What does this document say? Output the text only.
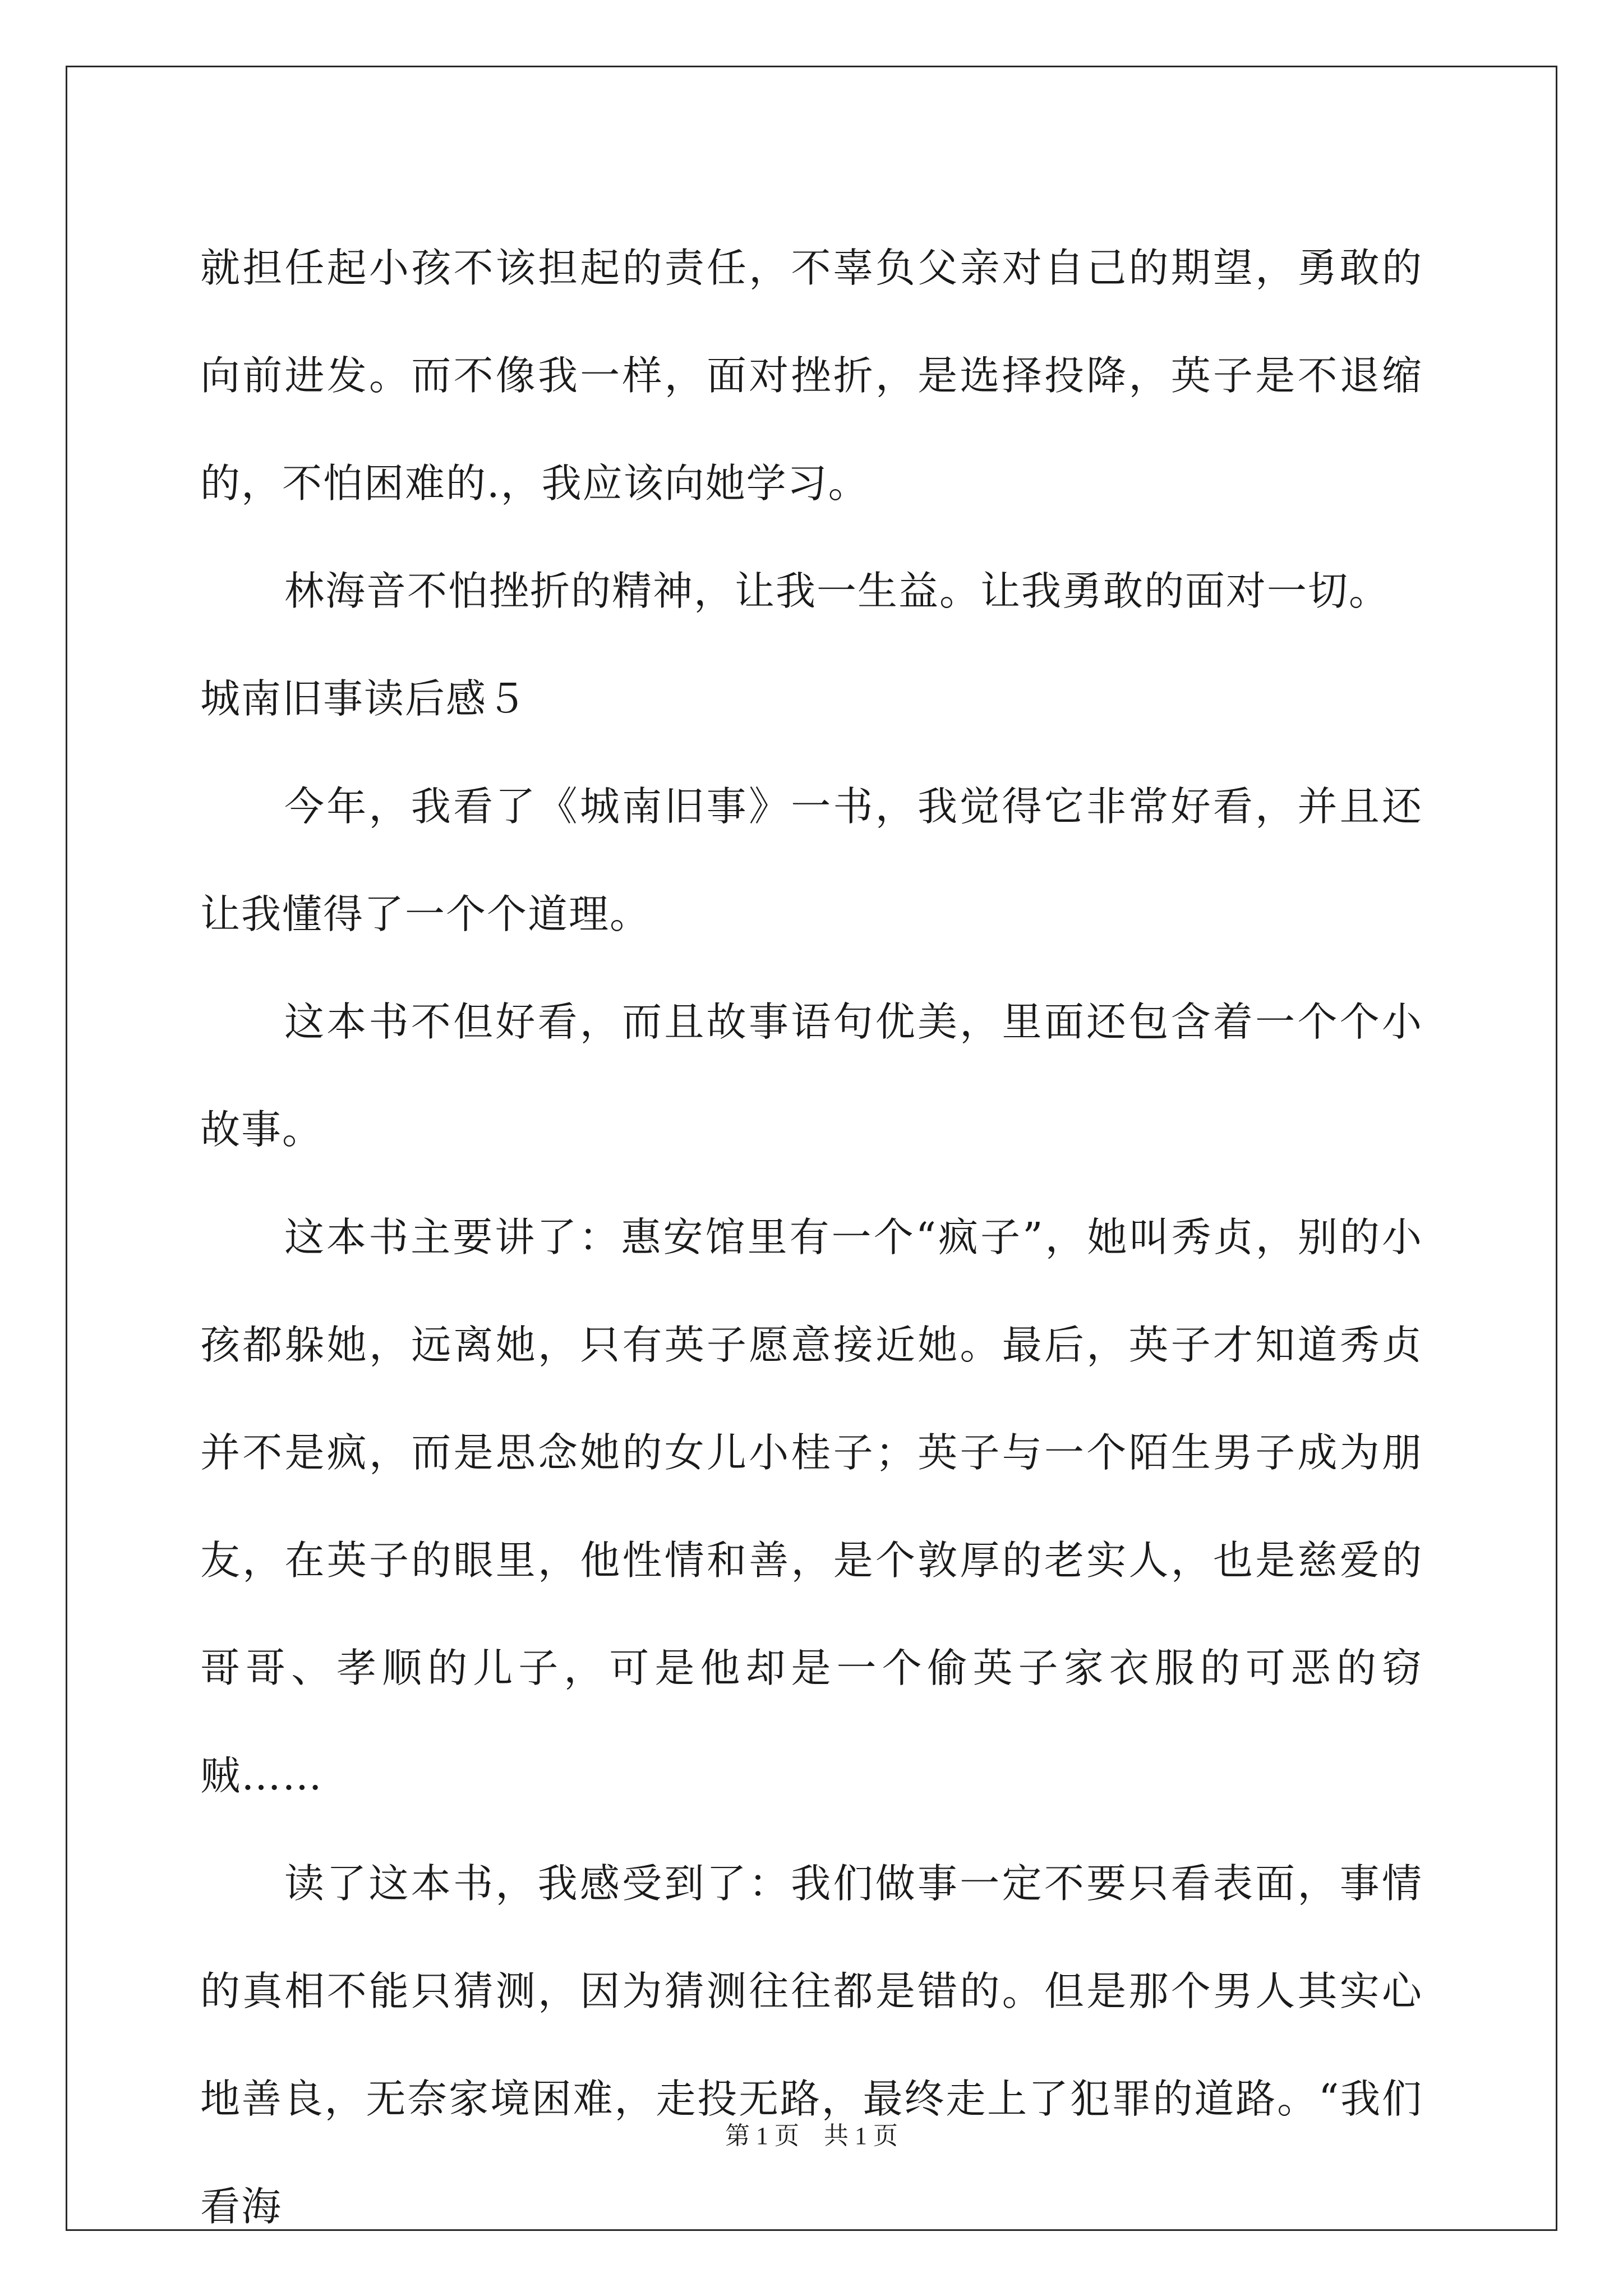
就担任起小孩不该担起的责任，不辜负父亲对自己的期望，勇敢的向前进发。而不像我一样，面对挫折，是选择投降，英子是不退缩的，不怕困难的.，我应该向她学习。

林海音不怕挫折的精神，让我一生益。让我勇敢的面对一切。

城南旧事读后感５

今年，我看了《城南旧事》一书，我觉得它非常好看，并且还让我懂得了一个个道理。

这本书不但好看，而且故事语句优美，里面还包含着一个个小故事。

这本书主要讲了：惠安馆里有一个“疯子”，她叫秀贞，别的小孩都躲她，远离她，只有英子愿意接近她。最后，英子才知道秀贞并不是疯，而是思念她的女儿小桂子；英子与一个陌生男子成为朋友，在英子的眼里，他性情和善，是个敦厚的老实人，也是慈爱的哥哥、孝顺的儿子，可是他却是一个偷英子家衣服的可恶的窃贼……

读了这本书，我感受到了：我们做事一定不要只看表面，事情的真相不能只猜测，因为猜测往往都是错的。但是那个男人其实心地善良，无奈家境困难，走投无路，最终走上了犯罪的道路。“我们看海

第 1 页　共 1 页
